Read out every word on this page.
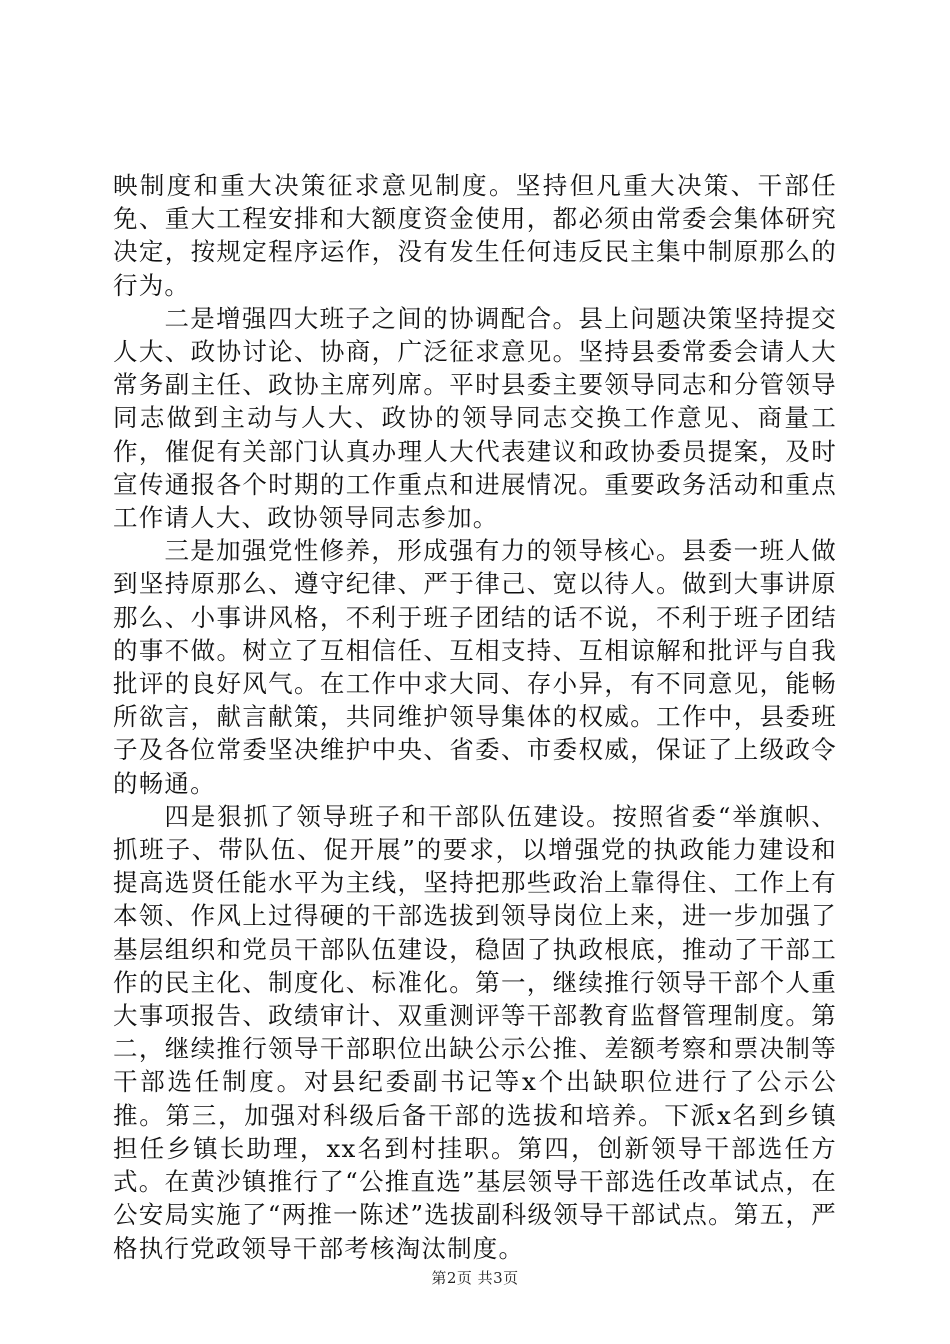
映制度和重大决策征求意见制度。坚持但凡重大决策、干部任免、重大工程安排和大额度资金使用，都必须由常委会集体研究决定，按规定程序运作，没有发生任何违反民主集中制原那么的行为。

二是增强四大班子之间的协调配合。县上问题决策坚持提交人大、政协讨论、协商，广泛征求意见。坚持县委常委会请人大常务副主任、政协主席列席。平时县委主要领导同志和分管领导同志做到主动与人大、政协的领导同志交换工作意见、商量工作，催促有关部门认真办理人大代表建议和政协委员提案，及时宣传通报各个时期的工作重点和进展情况。重要政务活动和重点工作请人大、政协领导同志参加。

三是加强党性修养，形成强有力的领导核心。县委一班人做到坚持原那么、遵守纪律、严于律己、宽以待人。做到大事讲原那么、小事讲风格，不利于班子团结的话不说，不利于班子团结的事不做。树立了互相信任、互相支持、互相谅解和批评与自我批评的良好风气。在工作中求大同、存小异，有不同意见，能畅所欲言，献言献策，共同维护领导集体的权威。工作中，县委班子及各位常委坚决维护中央、省委、市委权威，保证了上级政令的畅通。

四是狠抓了领导班子和干部队伍建设。按照省委“举旗帜、抓班子、带队伍、促开展”的要求，以增强党的执政能力建设和提高选贤任能水平为主线，坚持把那些政治上靠得住、工作上有本领、作风上过得硬的干部选拔到领导岗位上来，进一步加强了基层组织和党员干部队伍建设，稳固了执政根底，推动了干部工作的民主化、制度化、标准化。第一，继续推行领导干部个人重大事项报告、政绩审计、双重测评等干部教育监督管理制度。第二，继续推行领导干部职位出缺公示公推、差额考察和票决制等干部选任制度。对县纪委副书记等x个出缺职位进行了公示公推。第三，加强对科级后备干部的选拔和培养。下派x名到乡镇担任乡镇长助理，xx名到村挂职。第四，创新领导干部选任方式。在黄沙镇推行了“公推直选”基层领导干部选任改革试点，在公安局实施了“两推一陈述”选拔副科级领导干部试点。第五，严格执行党政领导干部考核淘汰制度。

第2页 共3页
